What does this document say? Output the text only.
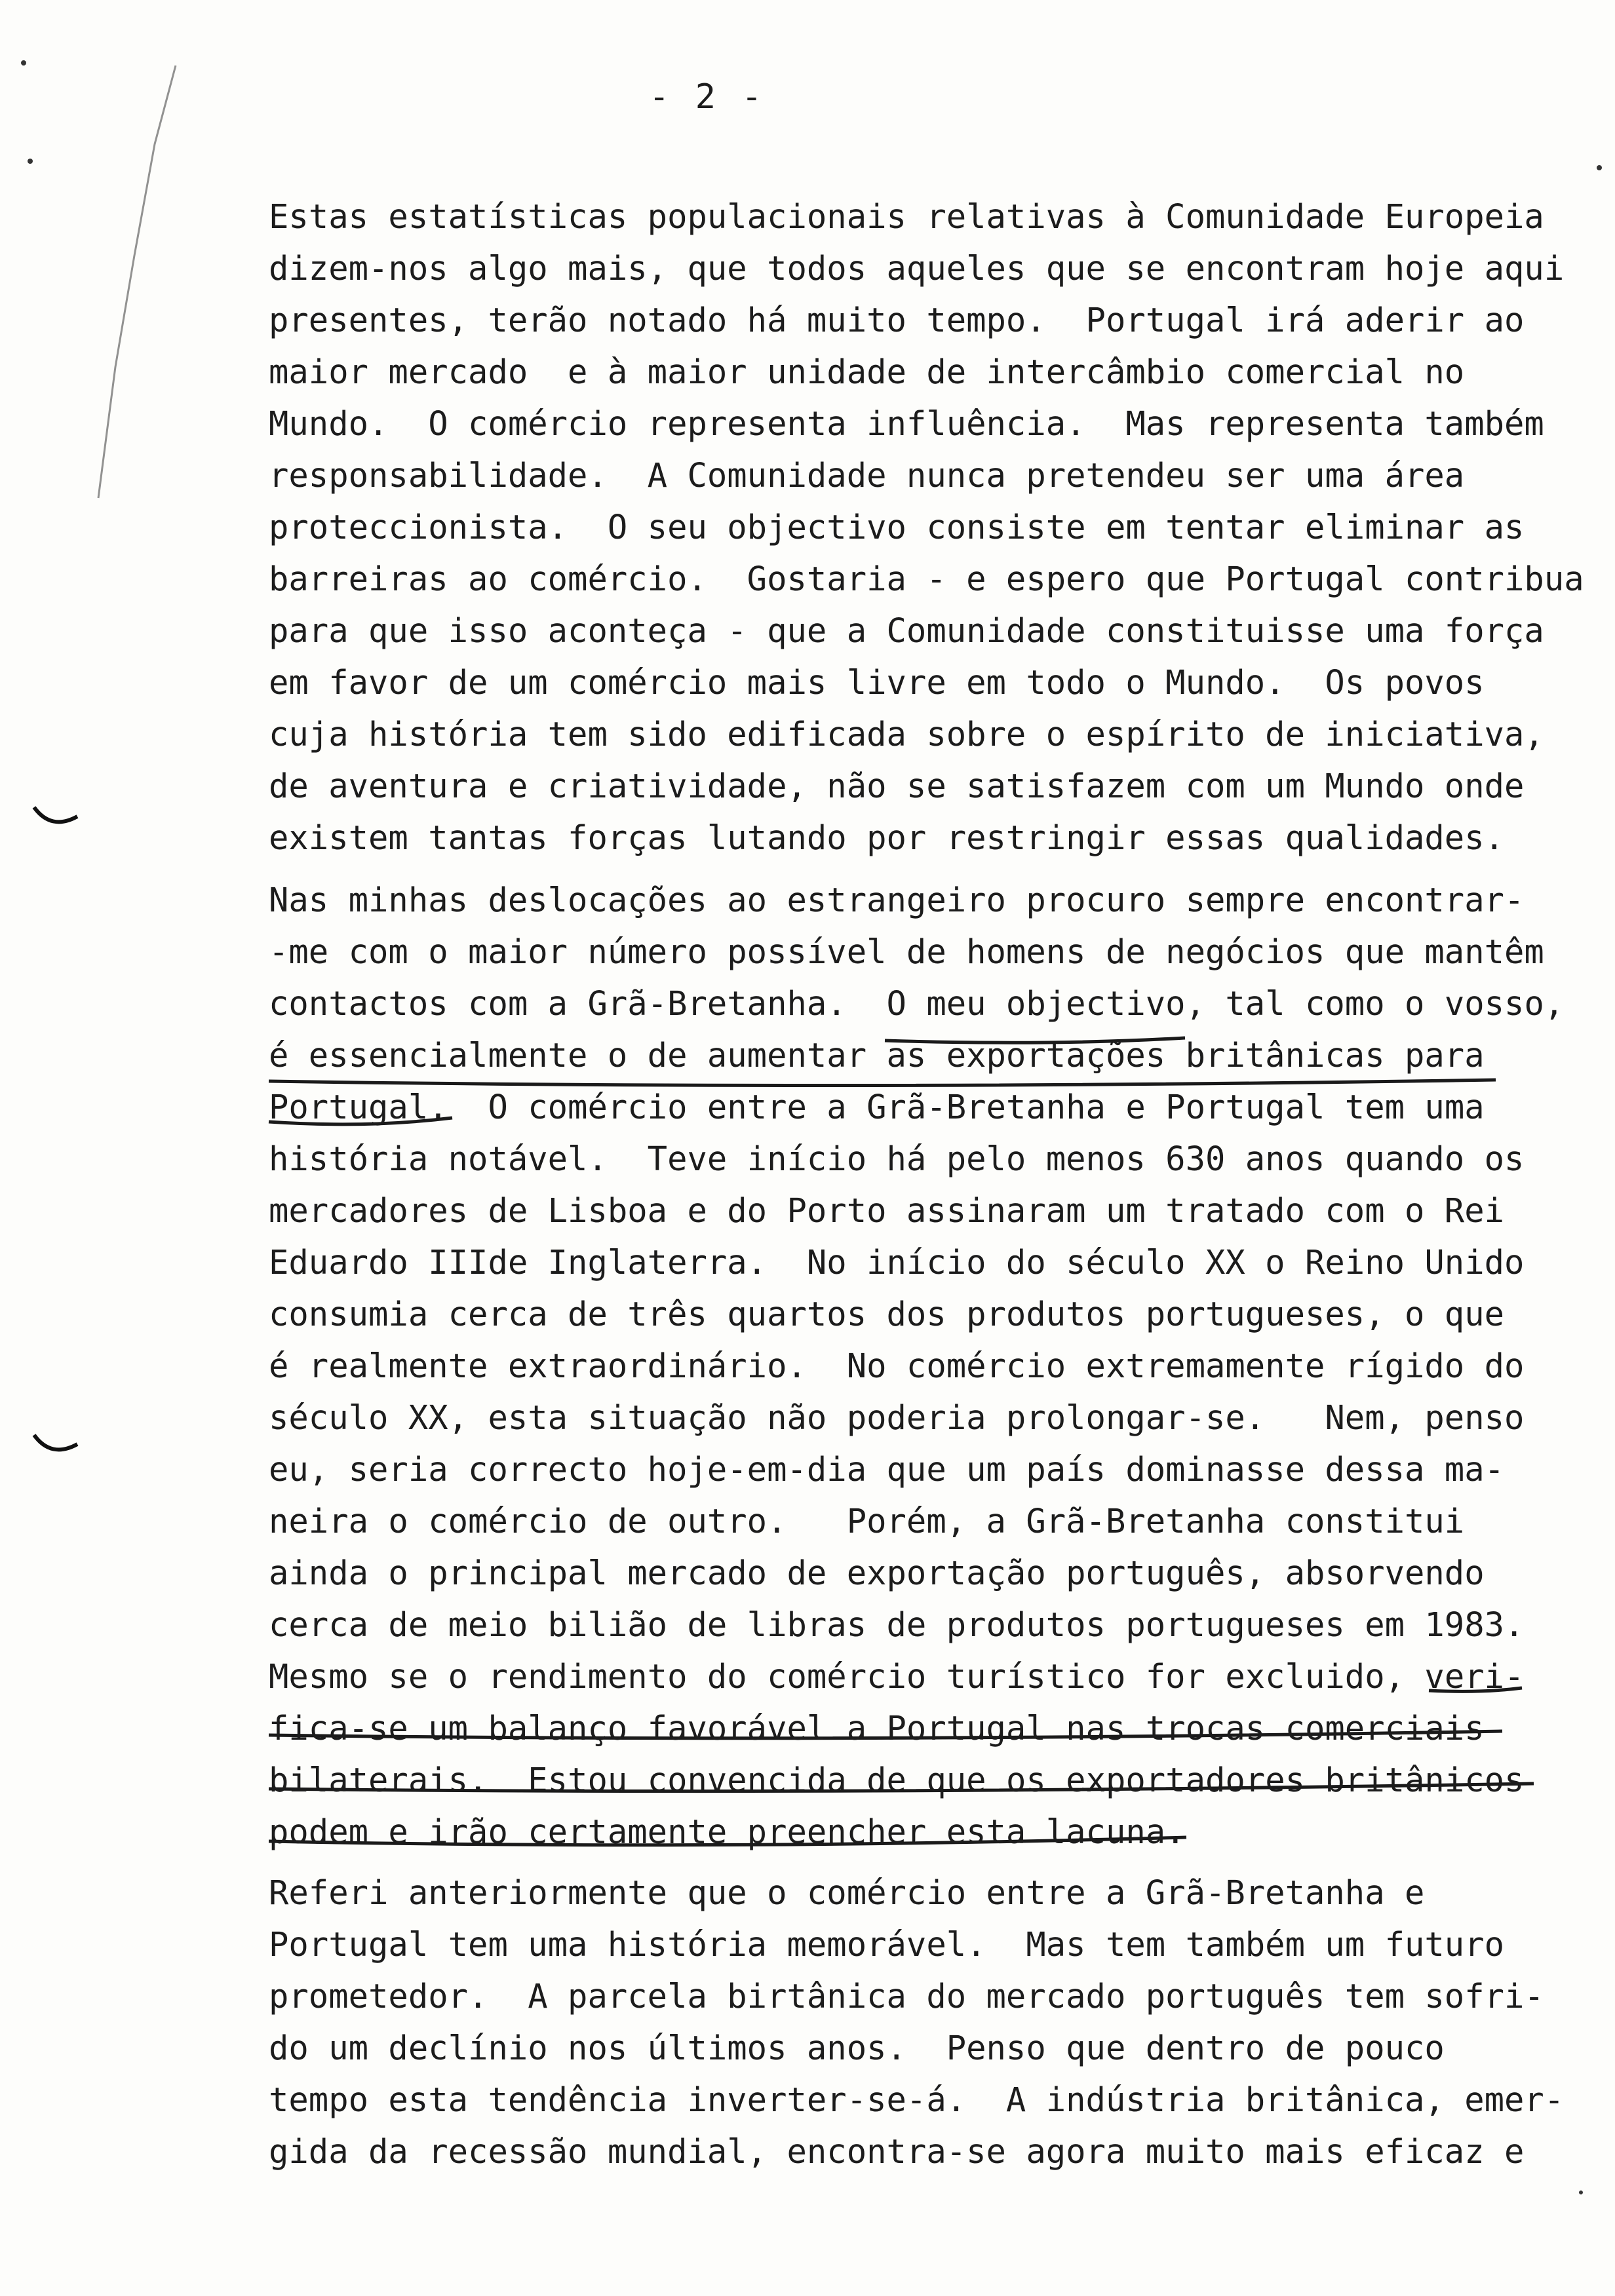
- 2 -
Estas estatísticas populacionais relativas à Comunidade Europeia
dizem-nos algo mais, que todos aqueles que se encontram hoje aqui
presentes, terão notado há muito tempo.  Portugal irá aderir ao
maior mercado  e à maior unidade de intercâmbio comercial no
Mundo.  O comércio representa influência.  Mas representa também
responsabilidade.  A Comunidade nunca pretendeu ser uma área
proteccionista.  O seu objectivo consiste em tentar eliminar as
barreiras ao comércio.  Gostaria - e espero que Portugal contribua
para que isso aconteça - que a Comunidade constituisse uma força
em favor de um comércio mais livre em todo o Mundo.  Os povos
cuja história tem sido edificada sobre o espírito de iniciativa,
de aventura e criatividade, não se satisfazem com um Mundo onde
existem tantas forças lutando por restringir essas qualidades.
Nas minhas deslocações ao estrangeiro procuro sempre encontrar-
-me com o maior número possível de homens de negócios que mantêm
contactos com a Grã-Bretanha.  O meu objectivo, tal como o vosso,
é essencialmente o de aumentar as exportações britânicas para
Portugal.  O comércio entre a Grã-Bretanha e Portugal tem uma
história notável.  Teve início há pelo menos 630 anos quando os
mercadores de Lisboa e do Porto assinaram um tratado com o Rei
Eduardo IIIde Inglaterra.  No início do século XX o Reino Unido
consumia cerca de três quartos dos produtos portugueses, o que
é realmente extraordinário.  No comércio extremamente rígido do
século XX, esta situação não poderia prolongar-se.   Nem, penso
eu, seria correcto hoje-em-dia que um país dominasse dessa ma-
neira o comércio de outro.   Porém, a Grã-Bretanha constitui
ainda o principal mercado de exportação português, absorvendo
cerca de meio bilião de libras de produtos portugueses em 1983.
Mesmo se o rendimento do comércio turístico for excluido, veri-
fica-se um balanço favorável a Portugal nas trocas comerciais
bilaterais. Estou convencida de que os exportadores britânicos
podem e irão certamente preencher esta lacuna.
Referi anteriormente que o comércio entre a Grã-Bretanha e
Portugal tem uma história memorável.  Mas tem também um futuro
prometedor.  A parcela birtânica do mercado português tem sofri-
do um declínio nos últimos anos.  Penso que dentro de pouco
tempo esta tendência inverter-se-á.  A indústria britânica, emer-
gida da recessão mundial, encontra-se agora muito mais eficaz e
